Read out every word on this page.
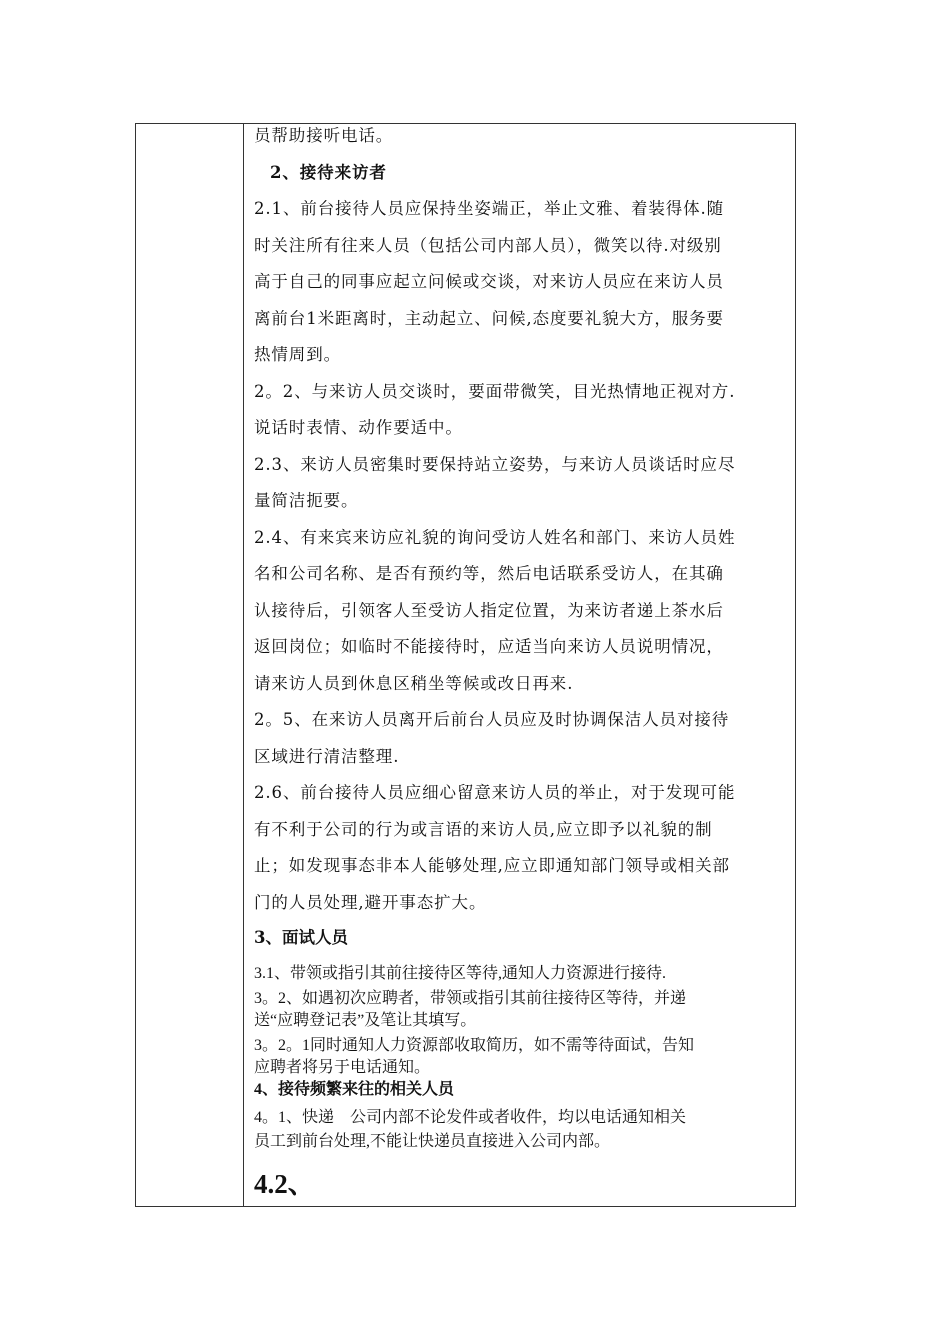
员帮助接听电话。
2、接待来访者
2.1、前台接待人员应保持坐姿端正，举止文雅、着装得体.随
时关注所有往来人员（包括公司内部人员），微笑以待.对级别
高于自己的同事应起立问候或交谈，对来访人员应在来访人员
离前台1米距离时，主动起立、问候,态度要礼貌大方，服务要
热情周到。
2。2、与来访人员交谈时，要面带微笑，目光热情地正视对方.
说话时表情、动作要适中。
2.3、来访人员密集时要保持站立姿势，与来访人员谈话时应尽
量简洁扼要。
2.4、有来宾来访应礼貌的询问受访人姓名和部门、来访人员姓
名和公司名称、是否有预约等，然后电话联系受访人，在其确
认接待后，引领客人至受访人指定位置，为来访者递上茶水后
返回岗位；如临时不能接待时，应适当向来访人员说明情况，
请来访人员到休息区稍坐等候或改日再来.
2。5、在来访人员离开后前台人员应及时协调保洁人员对接待
区域进行清洁整理.
2.6、前台接待人员应细心留意来访人员的举止，对于发现可能
有不利于公司的行为或言语的来访人员,应立即予以礼貌的制
止；如发现事态非本人能够处理,应立即通知部门领导或相关部
门的人员处理,避开事态扩大。
3、面试人员
3.1、带领或指引其前往接待区等待,通知人力资源进行接待.
3。2、如遇初次应聘者，带领或指引其前往接待区等待，并递
送“应聘登记表”及笔让其填写。
3。2。1同时通知人力资源部收取简历，如不需等待面试，告知
应聘者将另于电话通知。
4、接待频繁来往的相关人员
4。1、快递　公司内部不论发件或者收件，均以电话通知相关
员工到前台处理,不能让快递员直接进入公司内部。
4.2、
